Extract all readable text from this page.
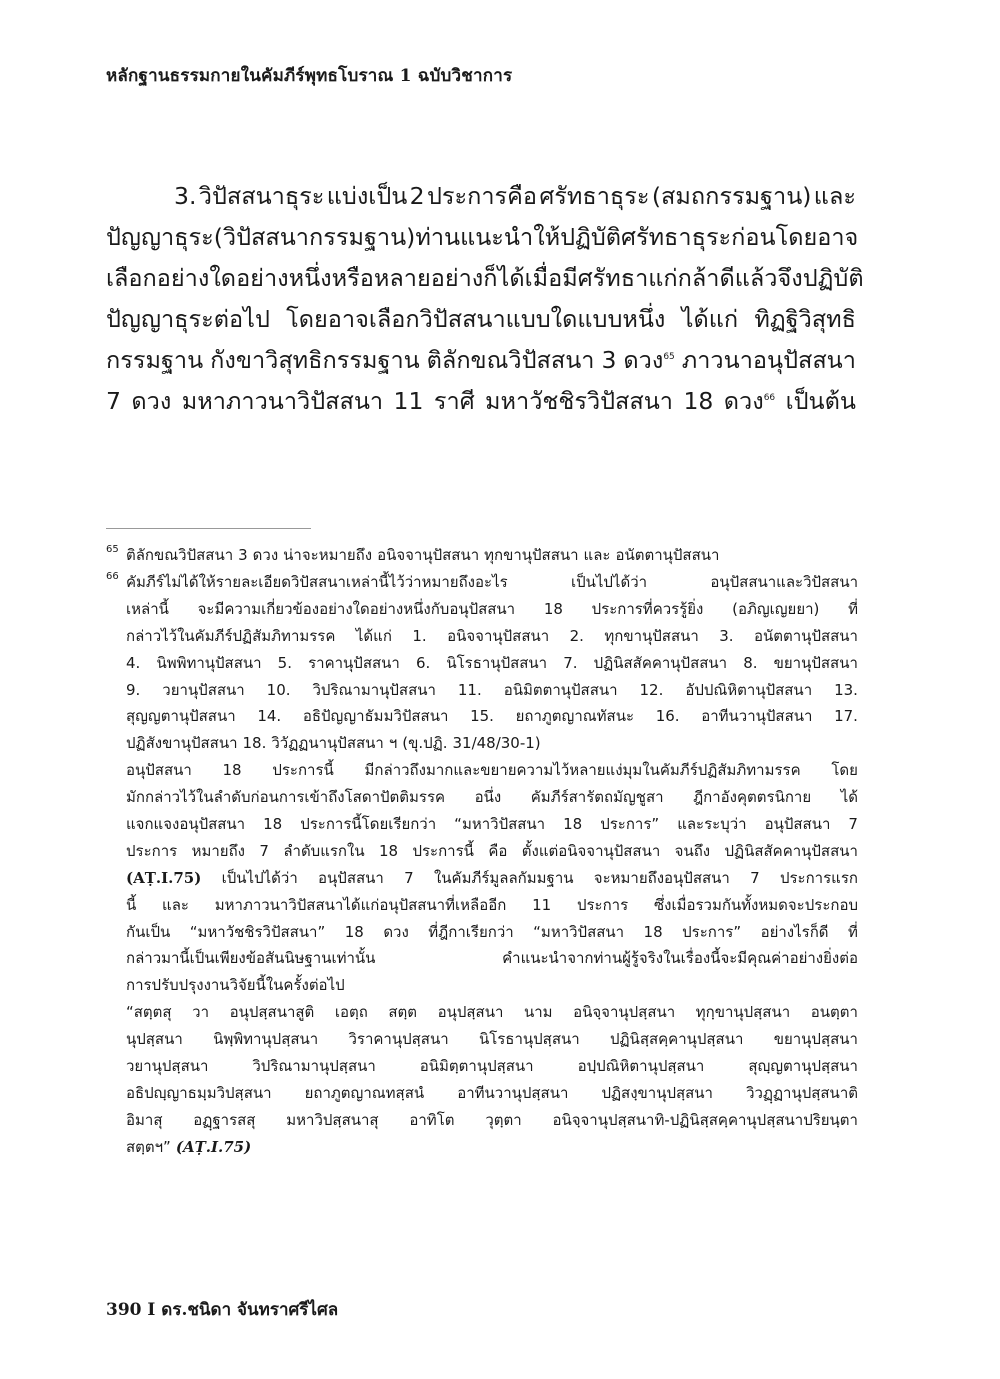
หลักฐานธรรมกายในคัมภีร์พุทธโบราณ 1 ฉบับวิชาการ
3. วิปัสสนาธุระ แบ่งเป็น 2 ประการคือ ศรัทธาธุระ (สมถกรรมฐาน) และ
ปัญญาธุระ (วิปัสสนากรรมฐาน) ท่านแนะนำให้ปฏิบัติศรัทธาธุระก่อน โดยอาจ
เลือกอย่างใดอย่างหนึ่งหรือหลายอย่างก็ได้ เมื่อมีศรัทธาแก่กล้าดีแล้วจึงปฏิบัติ
ปัญญาธุระต่อไป โดยอาจเลือกวิปัสสนาแบบใดแบบหนึ่ง ได้แก่ ทิฏฐิวิสุทธิ
กรรมฐาน กังขาวิสุทธิกรรมฐาน ติลักขณวิปัสสนา 3 ดวง$^{65}$ ภาวนาอนุปัสสนา
7 ดวง มหาภาวนาวิปัสสนา 11 ราศี มหาวัชชิรวิปัสสนา 18 ดวง$^{66}$ เป็นต้น
65 ติลักขณวิปัสสนา 3 ดวง น่าจะหมายถึง อนิจจานุปัสสนา ทุกขานุปัสสนา และ อนัตตานุปัสสนา
66 คัมภีร์ไม่ได้ให้รายละเอียดวิปัสสนาเหล่านี้ไว้ว่าหมายถึงอะไร	เป็นไปได้ว่า	อนุปัสสนาและวิปัสสนา
เหล่านี้ จะมีความเกี่ยวข้องอย่างใดอย่างหนึ่งกับอนุปัสสนา 18 ประการที่ควรรู้ยิ่ง (อภิญเญยยา) ที่
กล่าวไว้ในคัมภีร์ปฏิสัมภิทามรรค ได้แก่ 1. อนิจจานุปัสสนา 2. ทุกขานุปัสสนา 3. อนัตตานุปัสสนา
4. นิพพิทานุปัสสนา 5. ราคานุปัสสนา 6. นิโรธานุปัสสนา 7. ปฏินิสสัคคานุปัสสนา 8. ขยานุปัสสนา
9. วยานุปัสสนา 10. วิปริณามานุปัสสนา 11. อนิมิตตานุปัสสนา 12. อัปปณิหิตานุปัสสนา 13.
สุญญตานุปัสสนา 14. อธิปัญญาธัมมวิปัสสนา 15. ยถาภูตญาณทัสนะ 16. อาทีนวานุปัสสนา 17.
ปฏิสังขานุปัสสนา 18. วิวัฏฏนานุปัสสนา ฯ (ขุ.ปฏิ. 31/48/30-1)
อนุปัสสนา 18 ประการนี้ มีกล่าวถึงมากและขยายความไว้หลายแง่มุมในคัมภีร์ปฏิสัมภิทามรรค โดย
มักกล่าวไว้ในลำดับก่อนการเข้าถึงโสดาปัตติมรรค อนึ่ง คัมภีร์สารัตถมัญชูสา ฎีกาอังคุตตรนิกาย ได้
แจกแจงอนุปัสสนา 18 ประการนี้โดยเรียกว่า “มหาวิปัสสนา 18 ประการ” และระบุว่า อนุปัสสนา 7
ประการ หมายถึง 7 ลำดับแรกใน 18 ประการนี้ คือ ตั้งแต่อนิจจานุปัสสนา จนถึง ปฏินิสสัคคานุปัสสนา
(AṬ.I.75) เป็นไปได้ว่า อนุปัสสนา 7 ในคัมภีร์มูลลกัมมฐาน จะหมายถึงอนุปัสสนา 7 ประการแรก
นี้ และ มหาภาวนาวิปัสสนาได้แก่อนุปัสสนาที่เหลืออีก 11 ประการ ซึ่งเมื่อรวมกันทั้งหมดจะประกอบ
กันเป็น “มหาวัชชิรวิปัสสนา” 18 ดวง ที่ฎีกาเรียกว่า “มหาวิปัสสนา 18 ประการ” อย่างไรก็ดี ที่
กล่าวมานี้เป็นเพียงข้อสันนิษฐานเท่านั้น	คำแนะนำจากท่านผู้รู้จริงในเรื่องนี้จะมีคุณค่าอย่างยิ่งต่อ
การปรับปรุงงานวิจัยนี้ในครั้งต่อไป
“สตฺตสุ วา อนุปสฺสนาสูติ เอตฺถ สตฺต อนุปสฺสนา นาม อนิจฺจานุปสฺสนา ทุกฺขานุปสฺสนา อนตฺตา
นุปสฺสนา นิพฺพิทานุปสฺสนา วิราคานุปสฺสนา นิโรธานุปสฺสนา ปฏินิสฺสคฺคานุปสฺสนา ขยานุปสฺสนา
วยานุปสฺสนา	วิปริณามานุปสฺสนา	อนิมิตฺตานุปสฺสนา	อปฺปณิหิตานุปสฺสนา	สุญฺญตานุปสฺสนา
อธิปญฺญาธมฺมวิปสฺสนา ยถาภูตญาณทสฺสนํ อาทีนวานุปสฺสนา ปฏิสงฺขานุปสฺสนา วิวฏฺฏานุปสฺสนาติ
อิมาสุ อฏฺฐารสสุ มหาวิปสฺสนาสุ อาทิโต วุตฺตา อนิจฺจานุปสฺสนาทิ-ปฏินิสฺสคฺคานุปสฺสนาปริยนฺตา
สตฺตฯ” (AṬ.I.75)
390 I ดร.ชนิดา จันทราศรีไศล
